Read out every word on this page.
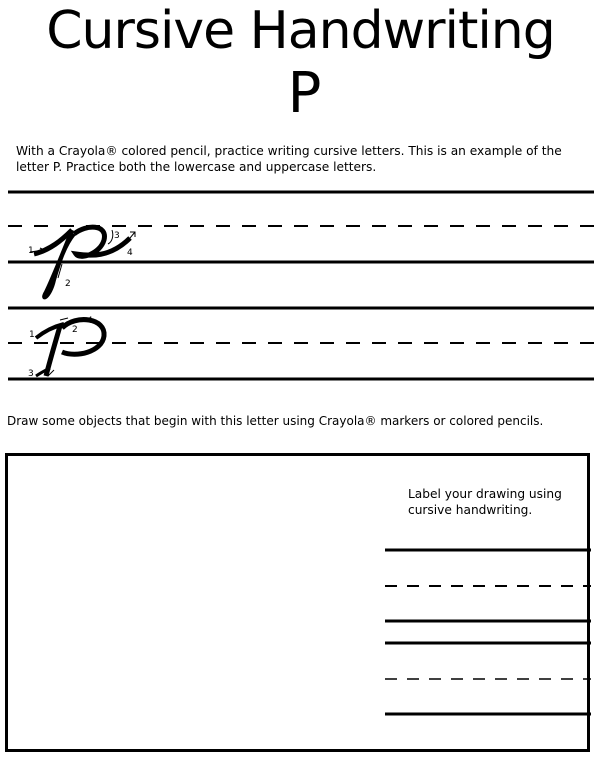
Cursive Handwriting
P

With a Crayola® colored pencil, practice writing cursive letters. This is an example of the letter P. Practice both the lowercase and uppercase letters.

1
2
3
4
1	2
3
4

Draw some objects that begin with this letter using Crayola® markers or colored pencils.

Label your drawing using cursive handwriting.
